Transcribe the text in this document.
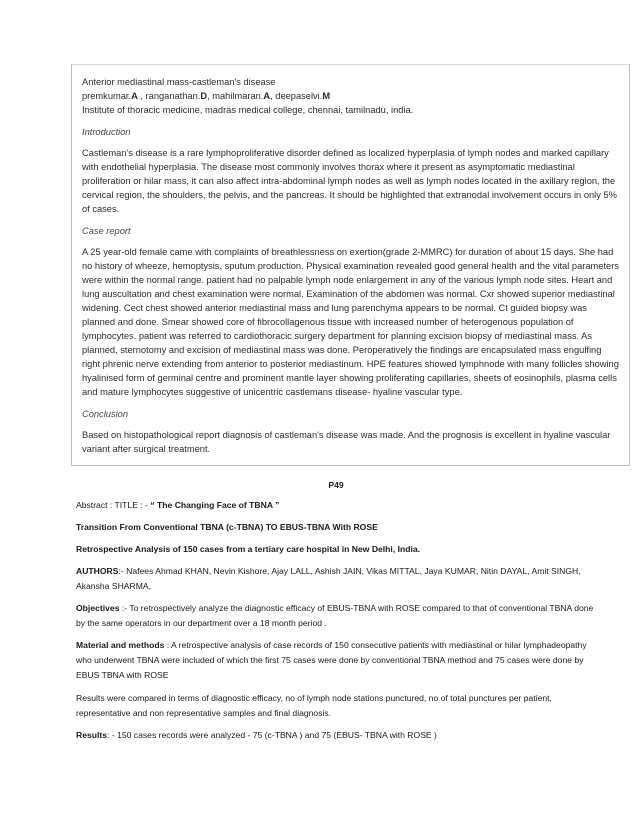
Anterior mediastinal mass-castleman's disease

premkumar.A , ranganathan.D, mahilmaran.A, deepaselvi.M

Institute of thoracic medicine, madras medical college, chennai, tamilnadu, india.

Introduction

Castleman's disease is a rare lymphoproliferative disorder defined as localized hyperplasia of lymph nodes and marked capillary with endothelial hyperplasia. The disease most commonly involves thorax where it present as asymptomatic mediastinal proliferation or hilar mass, it can also affect intra-abdominal lymph nodes as well as lymph nodes located in the axillary region, the cervical region, the shoulders, the pelvis, and the pancreas. It should be highlighted that extranodal involvement occurs in only 5% of cases.

Case report

A 25 year-old female came with complaints of breathlessness on exertion(grade 2-MMRC) for duration of about 15 days. She had no history of wheeze, hemoptysis, sputum production. Physical examination revealed good general health and the vital parameters were within the normal range. patient had no palpable lymph node enlargement in any of the various lymph node sites. Heart and lung auscultation and chest examination were normal. Examination of the abdomen was normal. Cxr showed superior mediastinal widening. Cect chest showed anterior mediastinal mass and lung parenchyma appears to be normal. Ct guided biopsy was planned and done. Smear showed core of fibrocollagenous tissue with increased number of heterogenous population of lymphocytes. patient was referred to cardiothoracic surgery department for planning excision biopsy of mediastinal mass. As planned, sternotomy and excision of mediastinal mass was done. Peroperatively the findings are encapsulated mass engulfing right phrenic nerve extending from anterior to posterior mediastinum. HPE features showed lymphnode with many follicles showing hyalinised form of germinal centre and prominent mantle layer showing proliferating capillaries, sheets of eosinophils, plasma cells and mature lymphocytes suggestive of unicentric castlemans disease- hyaline vascular type.

Conclusion

Based on histopathological report diagnosis of castleman's disease was made. And the prognosis is excellent in hyaline vascular variant after surgical treatment.

P49

Abstract : TITLE : - “ The Changing Face of TBNA ”

Transition From Conventional TBNA (c-TBNA) TO EBUS-TBNA With ROSE

Retrospective Analysis of 150 cases from a tertiary care hospital in New Delhi, India.

AUTHORS:- Nafees Ahmad KHAN, Nevin Kishore, Ajay LALL, Ashish JAIN, Vikas MITTAL, Jaya KUMAR, Nitin DAYAL, Amit SINGH, Akansha SHARMA,

Objectives :- To retrospectively analyze the diagnostic efficacy of EBUS-TBNA with ROSE compared to that of conventional TBNA done by the same operators in our department over a 18 month period .

Material and methods : A retrospective analysis of case records of 150 consecutive patients with mediastinal or hilar lymphadeopathy who underwent TBNA were included of which the first 75 cases were done by conventional TBNA method and 75 cases were done by EBUS TBNA with ROSE

Results were compared in terms of diagnostic efficacy, no of lymph node stations punctured, no of total punctures per patient, representative and non representative samples and final diagnosis.

Results: - 150 cases records were analyzed - 75 (c-TBNA ) and 75 (EBUS- TBNA with ROSE )
